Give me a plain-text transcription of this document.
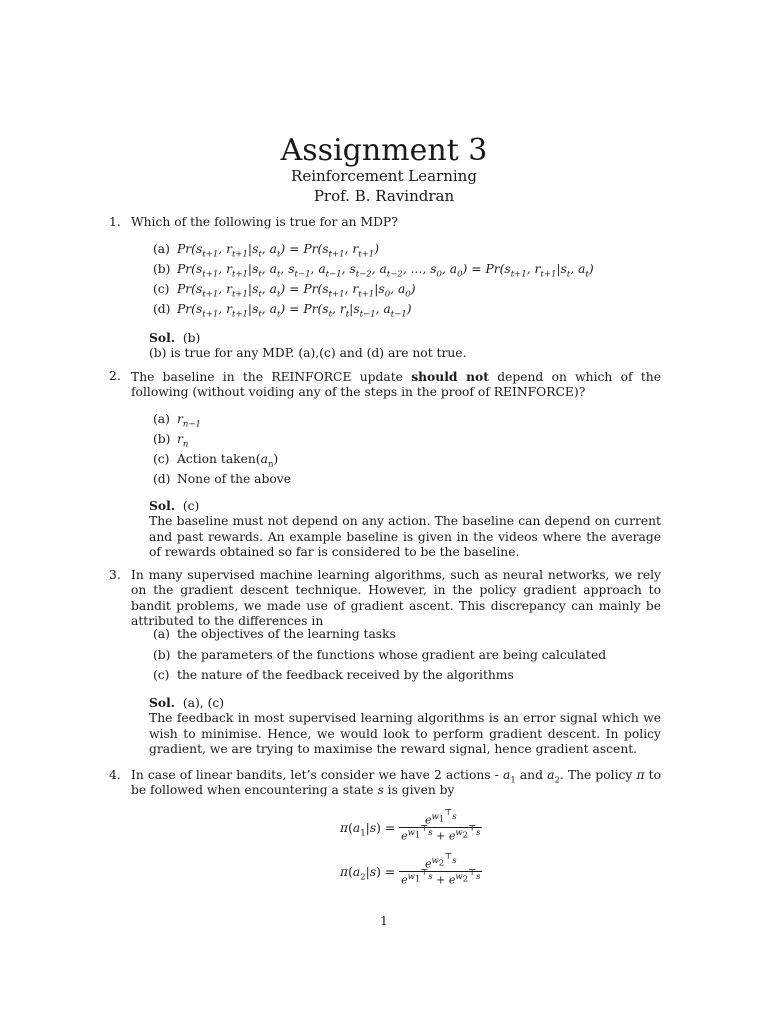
Assignment 3
Reinforcement Learning
Prof. B. Ravindran
1. Which of the following is true for an MDP?
(a) $Pr(s_{t+1}$, $r_{t+1}|s_t$, $a_t) = Pr(s_{t+1}$, $r_{t+1}$)
(b) $Pr(s_{t+1}$, $r_{t+1}|s_t$, $a_t$, $s_{t-1}$, $a_{t-1}$, $s_{t-2}$, $a_{t-2}$, ..., $s_0$, $a_0) = Pr(s_{t+1}$, $r_{t+1}|s_t$, $a_t$)
(c) $Pr(s_{t+1}$, $r_{t+1}|s_t$, $a_t) = Pr(s_{t+1}$, $r_{t+1}|s_0$, $a_0$)
(d) $Pr(s_{t+1}$, $r_{t+1}|s_t$, $a_t) = Pr(s_t$, $r_t|s_{t-1}$, $a_{t-1}$)
Sol. (b)
(b) is true for any MDP. (a),(c) and (d) are not true.
2. The baseline in the REINFORCE update should not depend on which of the following (without voiding any of the steps in the proof of REINFORCE)?
(a) $r_{n-1}$
(b) $r_n$
(c) Action $taken(a_n)$
(d) None of the above
Sol. (c)
The baseline must not depend on any action. The baseline can depend on current and past rewards. An example baseline is given in the videos where the average of rewards obtained so far is considered to be the baseline.
3. In many supervised machine learning algorithms, such as neural networks, we rely on the gradient descent technique. However, in the policy gradient approach to bandit problems, we made use of gradient ascent. This discrepancy can mainly be attributed to the differences in
(a) the objectives of the learning tasks
(b) the parameters of the functions whose gradient are being calculated
(c) the nature of the feedback received by the algorithms
Sol. (a), (c)
The feedback in most supervised learning algorithms is an error signal which we wish to minimise. Hence, we would look to perform gradient descent. In policy gradient, we are trying to maximise the reward signal, hence gradient ascent.
4. In case of linear bandits, let’s consider we have 2 actions - $a_1$ and $a_2$. The policy π to be followed when encountering a state s is given by
$\pi(a_1|s) = \frac{e^{w_1^⊤s}}{e^{w_1^⊤s} + e^{w_2^⊤s}}$
$\pi(a_2|s) = \frac{e^{w_2^⊤s}}{e^{w_1^⊤s} + e^{w_2^⊤s}}$
1
